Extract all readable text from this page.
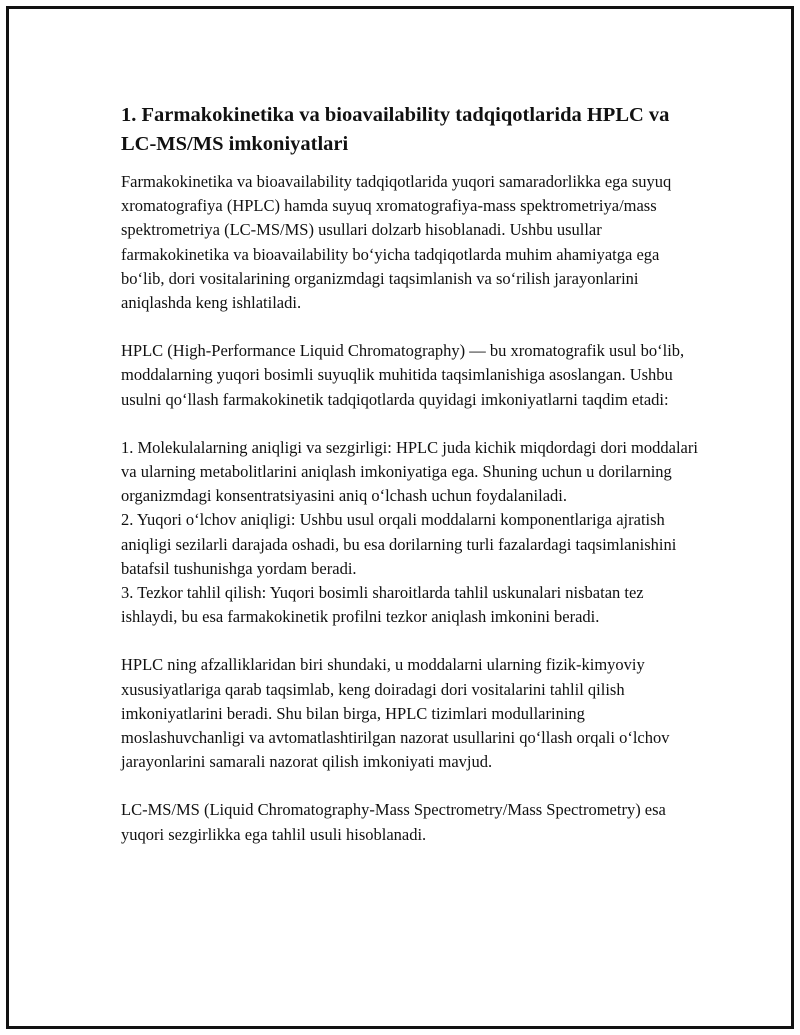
1. Farmakokinetika va bioavailability tadqiqotlarida HPLC va LC-MS/MS imkoniyatlari

Farmakokinetika va bioavailability tadqiqotlarida yuqori samaradorlikka ega suyuq xromatografiya (HPLC) hamda suyuq xromatografiya-mass spektrometriya/mass spektrometriya (LC-MS/MS) usullari dolzarb hisoblanadi. Ushbu usullar farmakokinetika va bioavailability bo‘yicha tadqiqotlarda muhim ahamiyatga ega bo‘lib, dori vositalarining organizmdagi taqsimlanish va so‘rilish jarayonlarini aniqlashda keng ishlatiladi.

HPLC (High-Performance Liquid Chromatography) — bu xromatografik usul bo‘lib, moddalarning yuqori bosimli suyuqlik muhitida taqsimlanishiga asoslangan. Ushbu usulni qo‘llash farmakokinetik tadqiqotlarda quyidagi imkoniyatlarni taqdim etadi:

1. Molekulalarning aniqligi va sezgirligi: HPLC juda kichik miqdordagi dori moddalari va ularning metabolitlarini aniqlash imkoniyatiga ega. Shuning uchun u dorilarning organizmdagi konsentratsiyasini aniq o‘lchash uchun foydalaniladi.

2. Yuqori o‘lchov aniqligi: Ushbu usul orqali moddalarni komponentlariga ajratish aniqligi sezilarli darajada oshadi, bu esa dorilarning turli fazalardagi taqsimlanishini batafsil tushunishga yordam beradi.

3. Tezkor tahlil qilish: Yuqori bosimli sharoitlarda tahlil uskunalari nisbatan tez ishlaydi, bu esa farmakokinetik profilni tezkor aniqlash imkonini beradi.

HPLC ning afzalliklaridan biri shundaki, u moddalarni ularning fizik-kimyoviy xususiyatlariga qarab taqsimlab, keng doiradagi dori vositalarini tahlil qilish imkoniyatlarini beradi. Shu bilan birga, HPLC tizimlari modullarining moslashuvchanligi va avtomatlashtirilgan nazorat usullarini qo‘llash orqali o‘lchov jarayonlarini samarali nazorat qilish imkoniyati mavjud.

LC-MS/MS (Liquid Chromatography-Mass Spectrometry/Mass Spectrometry) esa yuqori sezgirlikka ega tahlil usuli hisoblanadi.
